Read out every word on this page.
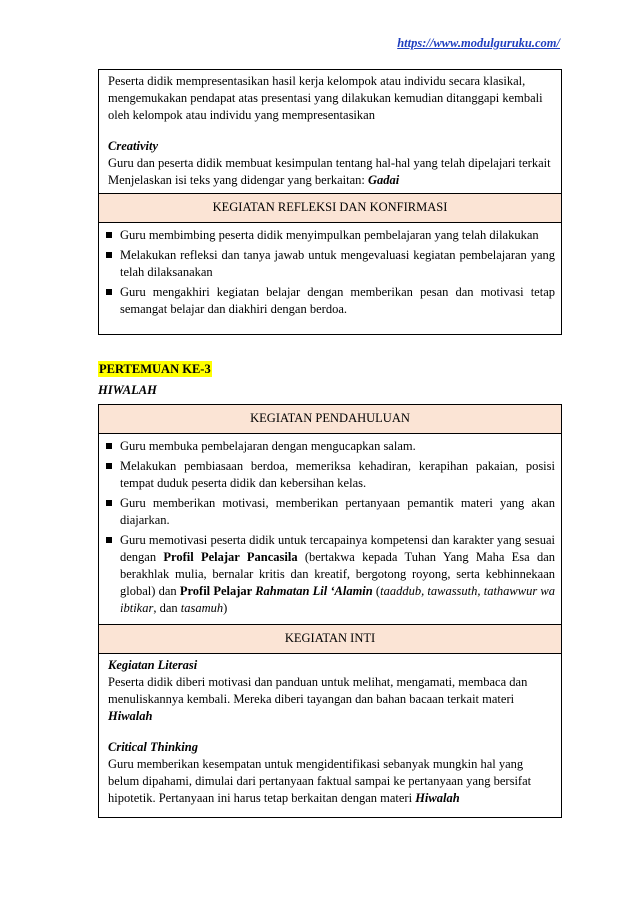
https://www.modulguruku.com/
Peserta didik mempresentasikan hasil kerja kelompok atau individu secara klasikal, mengemukakan pendapat atas presentasi yang dilakukan kemudian ditanggapi kembali oleh kelompok atau individu yang mempresentasikan
Creativity
Guru dan peserta didik membuat kesimpulan tentang hal-hal yang telah dipelajari terkait Menjelaskan isi teks yang didengar yang berkaitan: Gadai
KEGIATAN REFLEKSI DAN KONFIRMASI
Guru membimbing peserta didik menyimpulkan pembelajaran yang telah dilakukan
Melakukan refleksi dan tanya jawab untuk mengevaluasi kegiatan pembelajaran yang telah dilaksanakan
Guru mengakhiri kegiatan belajar dengan memberikan pesan dan motivasi tetap semangat belajar dan diakhiri dengan berdoa.
PERTEMUAN KE-3
HIWALAH
KEGIATAN PENDAHULUAN
Guru membuka pembelajaran dengan mengucapkan salam.
Melakukan pembiasaan berdoa, memeriksa kehadiran, kerapihan pakaian, posisi tempat duduk peserta didik dan kebersihan kelas.
Guru memberikan motivasi, memberikan pertanyaan pemantik materi yang akan diajarkan.
Guru memotivasi peserta didik untuk tercapainya kompetensi dan karakter yang sesuai dengan Profil Pelajar Pancasila (bertakwa kepada Tuhan Yang Maha Esa dan berakhlak mulia, bernalar kritis dan kreatif, bergotong royong, serta kebhinnekaan global) dan Profil Pelajar Rahmatan Lil ‘Alamin (taaddub, tawassuth, tathawwur wa ibtikar, dan tasamuh)
KEGIATAN INTI
Kegiatan Literasi
Peserta didik diberi motivasi dan panduan untuk melihat, mengamati, membaca dan menuliskannya kembali. Mereka diberi tayangan dan bahan bacaan terkait materi
Hiwalah
Critical Thinking
Guru memberikan kesempatan untuk mengidentifikasi sebanyak mungkin hal yang belum dipahami, dimulai dari pertanyaan faktual sampai ke pertanyaan yang bersifat hipotetik. Pertanyaan ini harus tetap berkaitan dengan materi Hiwalah
